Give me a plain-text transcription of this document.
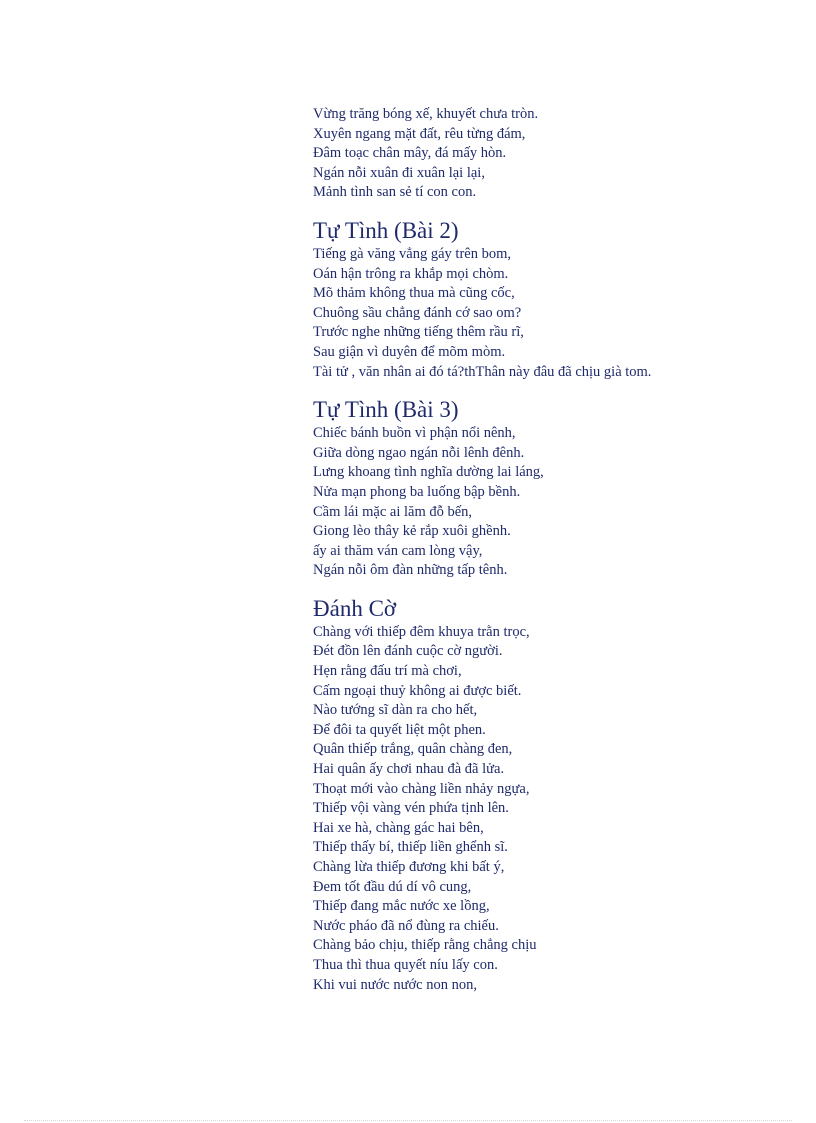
Vừng trăng bóng xế, khuyết chưa tròn.
Xuyên ngang mặt đất, rêu từng đám,
Đâm toạc chân mây, đá mấy hòn.
Ngán nỗi xuân đi xuân lại lại,
Mảnh tình san sẻ tí con con.
Tự Tình (Bài 2)
Tiếng gà văng vẳng gáy trên bom,
Oán hận trông ra khắp mọi chòm.
Mõ thảm không thua mà cũng cốc,
Chuông sầu chẳng đánh cớ sao om?
Trước nghe những tiếng thêm rầu rĩ,
Sau giận vì duyên để mõm mòm.
Tài tử , văn nhân ai đó tá?thThân này đâu đã chịu già tom.
Tự Tình (Bài 3)
Chiếc bánh buồn vì phận nổi nênh,
Giữa dòng ngao ngán nỗi lênh đênh.
Lưng khoang tình nghĩa dường lai láng,
Nửa mạn phong ba luống bập bềnh.
Cầm lái mặc ai lăm đỗ bến,
Giong lèo thây kẻ rắp xuôi ghềnh.
ấy ai thăm ván cam lòng vậy,
Ngán nỗi ôm đàn những tấp tênh.
Đánh Cờ
Chàng với thiếp đêm khuya trằn trọc,
Đét đồn lên đánh cuộc cờ người.
Hẹn rằng đấu trí mà chơi,
Cấm ngoại thuỷ không ai được biết.
Nào tướng sĩ dàn ra cho hết,
Để đôi ta quyết liệt một phen.
Quân thiếp trắng, quân chàng đen,
Hai quân ấy chơi nhau đà đã lửa.
Thoạt mới vào chàng liền nhảy ngựa,
Thiếp vội vàng vén phứa tịnh lên.
Hai xe hà, chàng gác hai bên,
Thiếp thấy bí, thiếp liền ghểnh sĩ.
Chàng lừa thiếp đương khi bất ý,
Đem tốt đầu dú dí vô cung,
Thiếp đang mắc nước xe lồng,
Nước pháo đã nổ đùng ra chiếu.
Chàng bảo chịu, thiếp rằng chẳng chịu
Thua thì thua quyết níu lấy con.
Khi vui nước nước non non,
